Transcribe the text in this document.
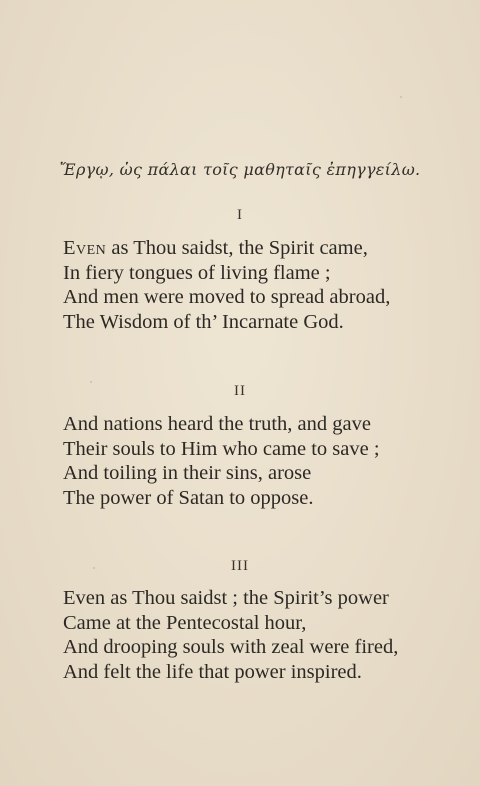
Ἔργῳ, ὡς πάλαι τοῖς μαθηταῖς ἐπηγγείλω.
I
Even as Thou saidst, the Spirit came,
In fiery tongues of living flame ;
And men were moved to spread abroad,
The Wisdom of th’ Incarnate God.
II
And nations heard the truth, and gave
Their souls to Him who came to save ;
And toiling in their sins, arose
The power of Satan to oppose.
III
Even as Thou saidst ; the Spirit’s power
Came at the Pentecostal hour,
And drooping souls with zeal were fired,
And felt the life that power inspired.
